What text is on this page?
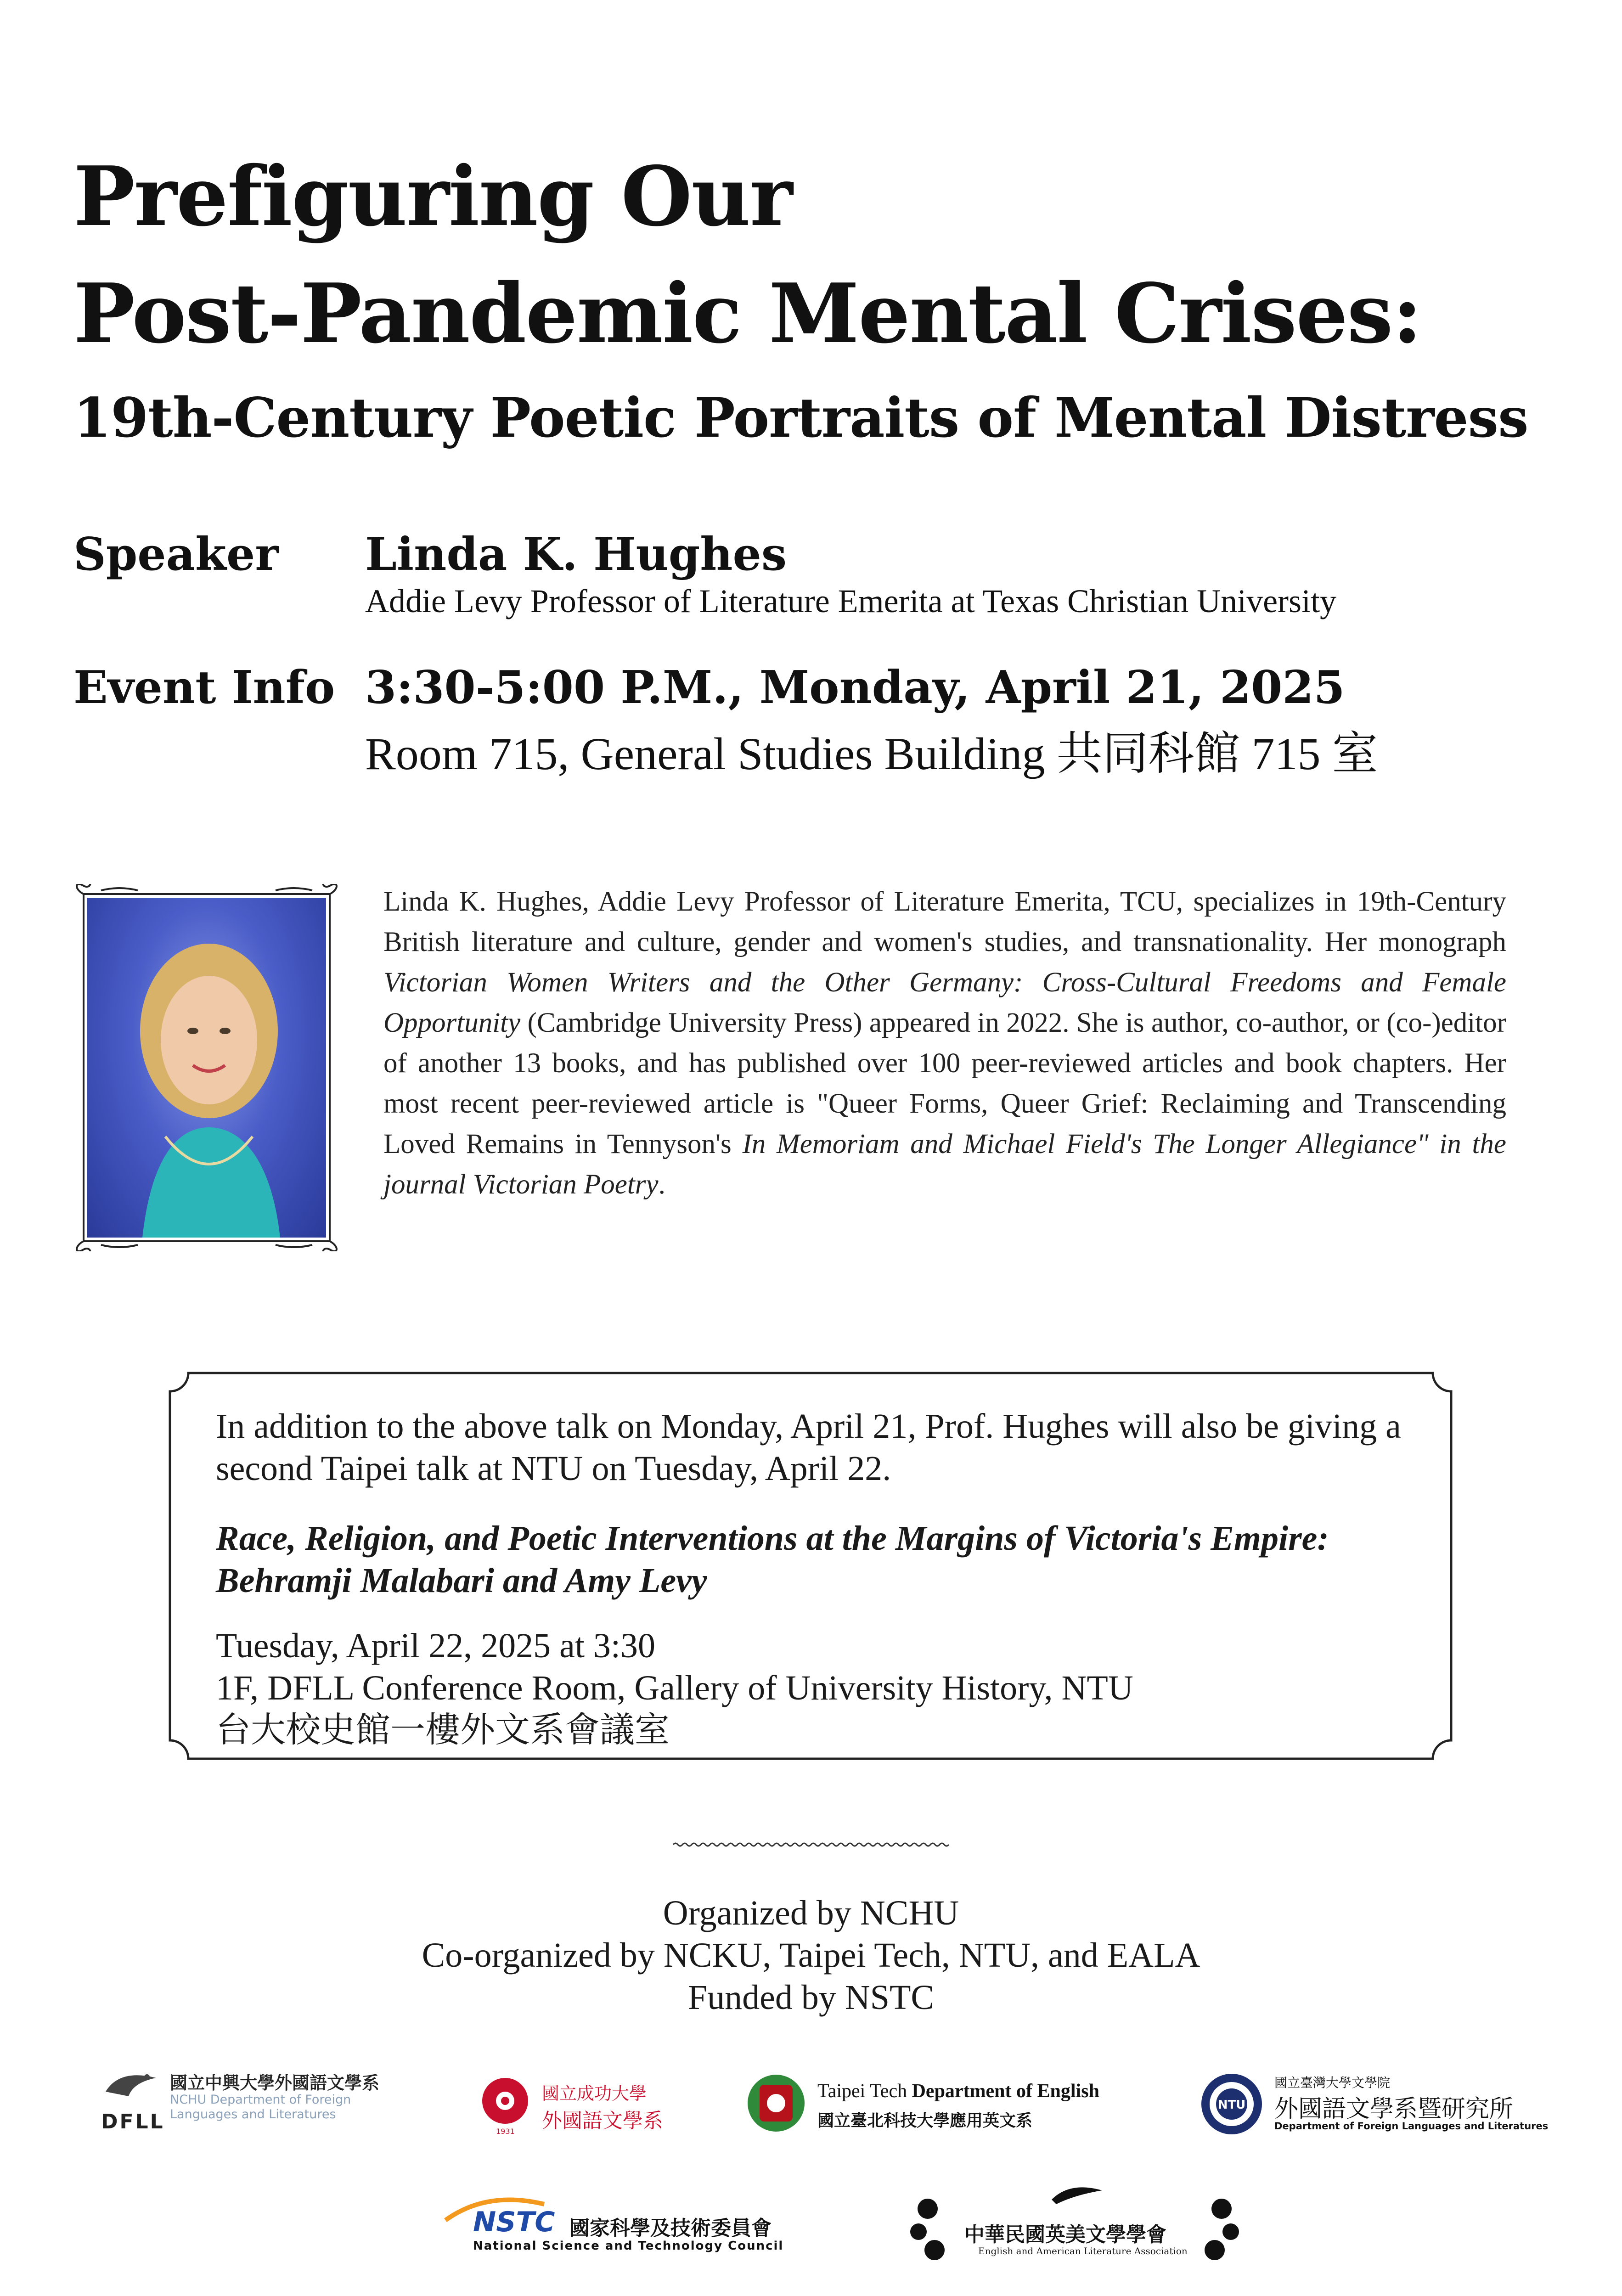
Prefiguring Our
Post-Pandemic Mental Crises:
19th-Century Poetic Portraits of Mental Distress
Speaker Linda K. Hughes
Addie Levy Professor of Literature Emerita at Texas Christian University
Event Info 3:30-5:00 P.M., Monday, April 21, 2025
Room 715, General Studies Building 共同科館 715 室
Linda K. Hughes, Addie Levy Professor of Literature Emerita, TCU, specializes in 19th-Century British literature and culture, gender and women's studies, and transnationality. Her monograph Victorian Women Writers and the Other Germany: Cross-Cultural Freedoms and Female Opportunity (Cambridge University Press) appeared in 2022. She is author, co-author, or (co-)editor of another 13 books, and has published over 100 peer-reviewed articles and book chapters. Her most recent peer-reviewed article is "Queer Forms, Queer Grief: Reclaiming and Transcending Loved Remains in Tennyson's In Memoriam and Michael Field's The Longer Allegiance" in the journal Victorian Poetry.
In addition to the above talk on Monday, April 21, Prof. Hughes will also be giving a second Taipei talk at NTU on Tuesday, April 22.
Race, Religion, and Poetic Interventions at the Margins of Victoria's Empire: Behramji Malabari and Amy Levy
Tuesday, April 22, 2025 at 3:30
1F, DFLL Conference Room, Gallery of University History, NTU
台大校史館一樓外文系會議室
Organized by NCHU
Co-organized by NCKU, Taipei Tech, NTU, and EALA
Funded by NSTC
國立中興大學外國語文學系
NCHU Department of Foreign
Languages and Literatures
DFLL	1931
國立成功大學
外國語文學系
Taipei Tech Department of English
國立臺北科技大學應用英文系
NTU
國立臺灣大學文學院
外國語文學系暨研究所
Department of Foreign Languages and Literatures
NSTC 國家科學及技術委員會
National Science and Technology Council	中華民國英美文學學會
English and American Literature Association
